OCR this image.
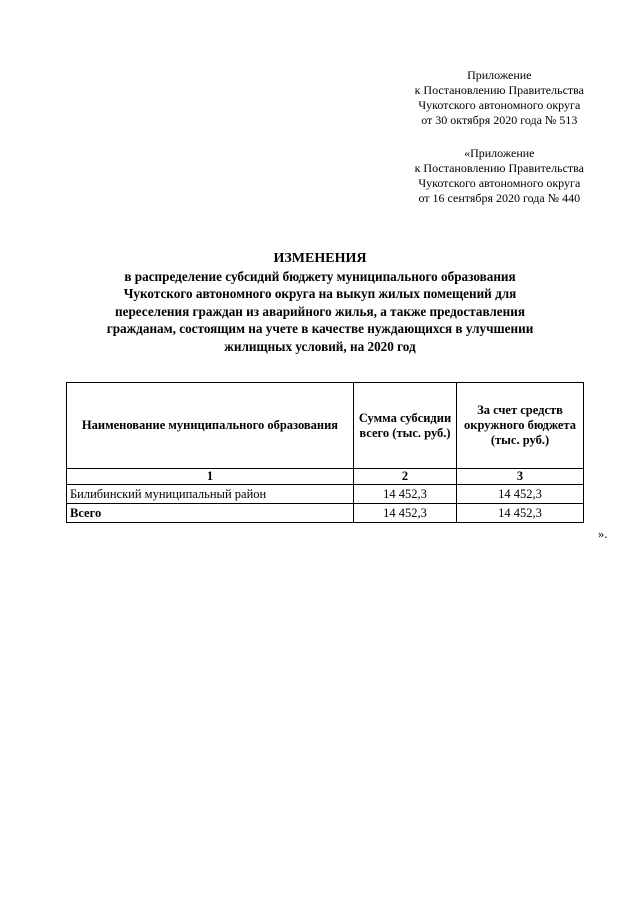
Приложение
к Постановлению Правительства
Чукотского автономного округа
от 30 октября 2020 года № 513
«Приложение
к Постановлению Правительства
Чукотского автономного округа
от 16 сентября 2020 года № 440
ИЗМЕНЕНИЯ
в распределение субсидий бюджету муниципального образования
Чукотского автономного округа на выкуп жилых помещений для
переселения граждан из аварийного жилья, а также предоставления
гражданам, состоящим на учете в качестве нуждающихся в улучшении
жилищных условий, на 2020 год
Наименование муниципального образования	Сумма субсидии всего (тыс. руб.)	За счет средств окружного бюджета (тыс. руб.)
1	2	3
Билибинский муниципальный район	14 452,3	14 452,3
Всего	14 452,3	14 452,3
».
